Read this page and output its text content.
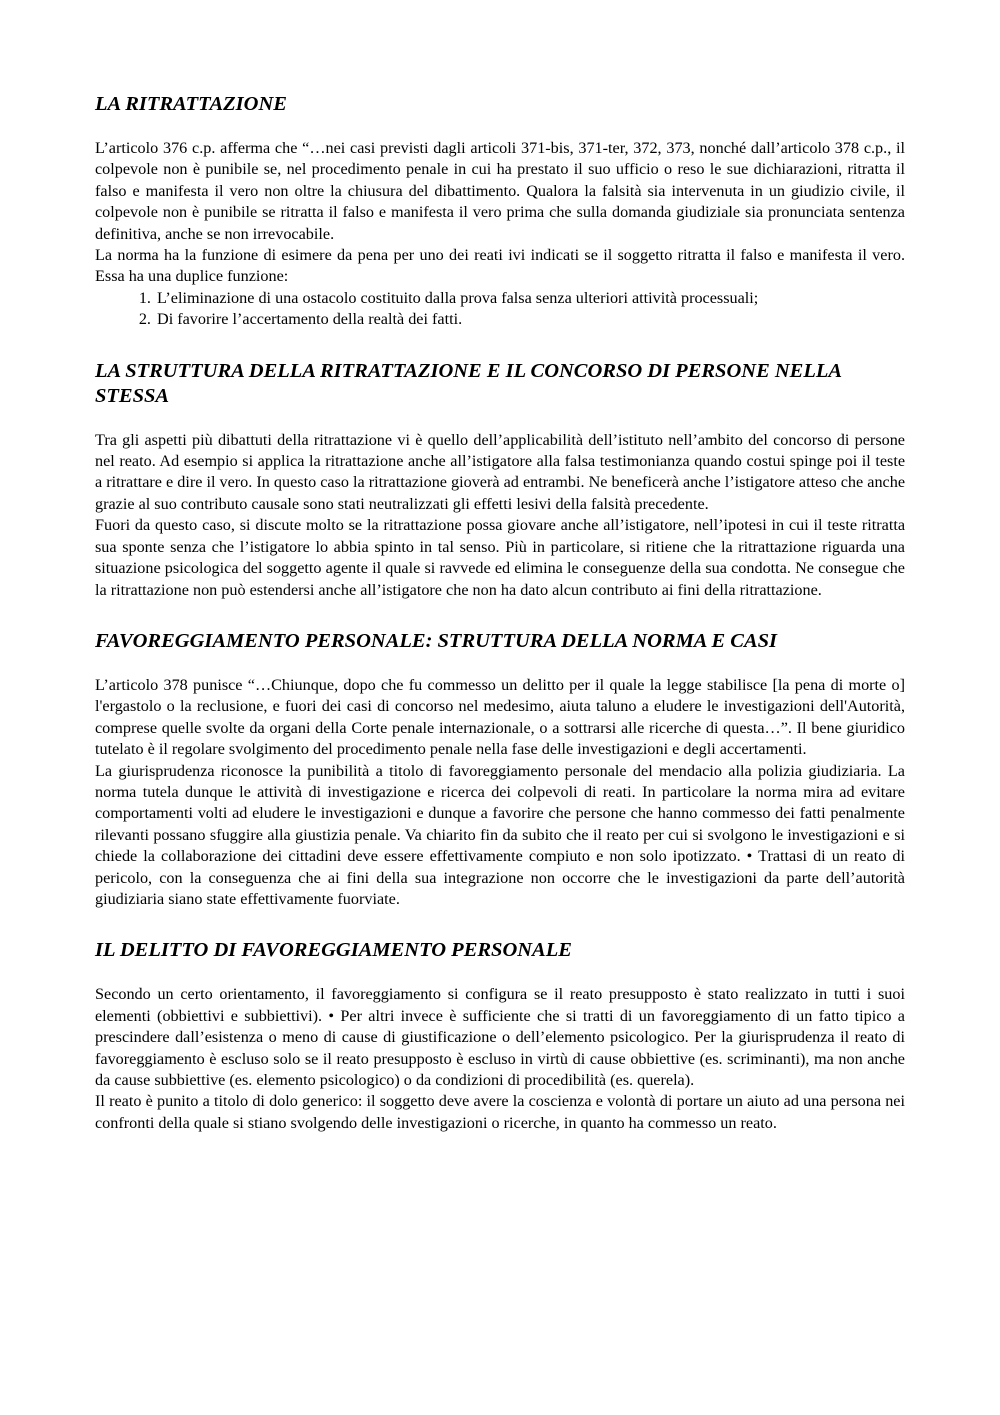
LA RITRATTAZIONE

L’articolo 376 c.p. afferma che “…nei casi previsti dagli articoli 371-bis, 371-ter, 372, 373, nonché dall’articolo 378 c.p., il colpevole non è punibile se, nel procedimento penale in cui ha prestato il suo ufficio o reso le sue dichiarazioni, ritratta il falso e manifesta il vero non oltre la chiusura del dibattimento. Qualora la falsità sia intervenuta in un giudizio civile, il colpevole non è punibile se ritratta il falso e manifesta il vero prima che sulla domanda giudiziale sia pronunciata sentenza definitiva, anche se non irrevocabile.

La norma ha la funzione di esimere da pena per uno dei reati ivi indicati se il soggetto ritratta il falso e manifesta il vero. Essa ha una duplice funzione:

1. L’eliminazione di una ostacolo costituito dalla prova falsa senza ulteriori attività processuali;
2. Di favorire l’accertamento della realtà dei fatti.
LA STRUTTURA DELLA RITRATTAZIONE E IL CONCORSO DI PERSONE NELLA STESSA

Tra gli aspetti più dibattuti della ritrattazione vi è quello dell’applicabilità dell’istituto nell’ambito del concorso di persone nel reato. Ad esempio si applica la ritrattazione anche all’istigatore alla falsa testimonianza quando costui spinge poi il teste a ritrattare e dire il vero. In questo caso la ritrattazione gioverà ad entrambi. Ne beneficerà anche l’istigatore atteso che anche grazie al suo contributo causale sono stati neutralizzati gli effetti lesivi della falsità precedente.

Fuori da questo caso, si discute molto se la ritrattazione possa giovare anche all’istigatore, nell’ipotesi in cui il teste ritratta sua sponte senza che l’istigatore lo abbia spinto in tal senso. Più in particolare, si ritiene che la ritrattazione riguarda una situazione psicologica del soggetto agente il quale si ravvede ed elimina le conseguenze della sua condotta. Ne consegue che la ritrattazione non può estendersi anche all’istigatore che non ha dato alcun contributo ai fini della ritrattazione.

FAVOREGGIAMENTO PERSONALE: STRUTTURA DELLA NORMA E CASI

L’articolo 378 punisce “…Chiunque, dopo che fu commesso un delitto per il quale la legge stabilisce [la pena di morte o] l'ergastolo o la reclusione, e fuori dei casi di concorso nel medesimo, aiuta taluno a eludere le investigazioni dell'Autorità, comprese quelle svolte da organi della Corte penale internazionale, o a sottrarsi alle ricerche di questa…”. Il bene giuridico tutelato è il regolare svolgimento del procedimento penale nella fase delle investigazioni e degli accertamenti.

La giurisprudenza riconosce la punibilità a titolo di favoreggiamento personale del mendacio alla polizia giudiziaria. La norma tutela dunque le attività di investigazione e ricerca dei colpevoli di reati. In particolare la norma mira ad evitare comportamenti volti ad eludere le investigazioni e dunque a favorire che persone che hanno commesso dei fatti penalmente rilevanti possano sfuggire alla giustizia penale. Va chiarito fin da subito che il reato per cui si svolgono le investigazioni e si chiede la collaborazione dei cittadini deve essere effettivamente compiuto e non solo ipotizzato. • Trattasi di un reato di pericolo, con la conseguenza che ai fini della sua integrazione non occorre che le investigazioni da parte dell’autorità giudiziaria siano state effettivamente fuorviate.

IL DELITTO DI FAVOREGGIAMENTO PERSONALE

Secondo un certo orientamento, il favoreggiamento si configura se il reato presupposto è stato realizzato in tutti i suoi elementi (obbiettivi e subbiettivi). • Per altri invece è sufficiente che si tratti di un favoreggiamento di un fatto tipico a prescindere dall’esistenza o meno di cause di giustificazione o dell’elemento psicologico. Per la giurisprudenza il reato di favoreggiamento è escluso solo se il reato presupposto è escluso in virtù di cause obbiettive (es. scriminanti), ma non anche da cause subbiettive (es. elemento psicologico) o da condizioni di procedibilità (es. querela).

Il reato è punito a titolo di dolo generico: il soggetto deve avere la coscienza e volontà di portare un aiuto ad una persona nei confronti della quale si stiano svolgendo delle investigazioni o ricerche, in quanto ha commesso un reato.
